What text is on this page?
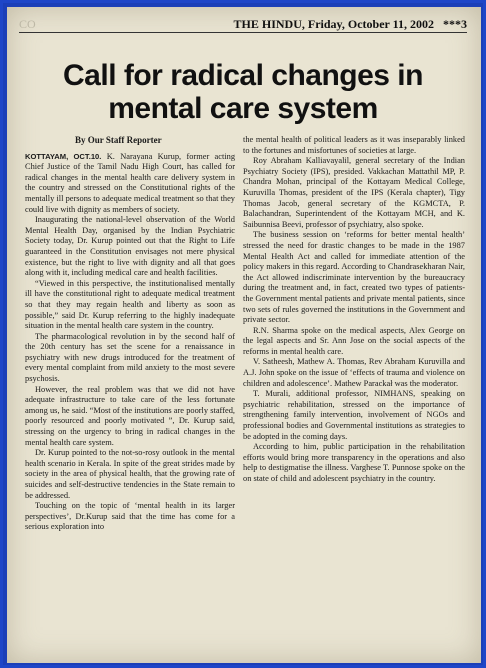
CO	THE HINDU, Friday, October 11, 2002 ***3
Call for radical changes in
mental care system
By Our Staff Reporter

KOTTAYAM, OCT.10. K. Narayana Kurup, former acting Chief Justice of the Tamil Nadu High Court, has called for radical changes in the mental health care delivery system in the country and stressed on the Constitutional rights of the mentally ill persons to adequate medical treatment so that they could live with dignity as members of society.

Inaugurating the national-level observation of the World Mental Health Day, organised by the Indian Psychiatric Society today, Dr. Kurup pointed out that the Right to Life guaranteed in the Constitution envisages not mere physical existence, but the right to live with dignity and all that goes along with it, including medical care and health facilities.

“Viewed in this perspective, the institutionalised mentally ill have the constitutional right to adequate medical treatment so that they may regain health and liberty as soon as possible,” said Dr. Kurup referring to the highly inadequate situation in the mental health care system in the country.

The pharmacological revolution in by the second half of the 20th century has set the scene for a renaissance in psychiatry with new drugs introduced for the treatment of every mental complaint from mild anxiety to the most severe psychosis.

However, the real problem was that we did not have adequate infrastructure to take care of the less fortunate among us, he said. “Most of the institutions are poorly staffed, poorly resourced and poorly motivated ”, Dr. Kurup said, stressing on the urgency to bring in radical changes in the mental health care system.

Dr. Kurup pointed to the not-so-rosy outlook in the mental health scenario in Kerala. In spite of the great strides made by society in the area of physical health, that the growing rate of suicides and self-destructive tendencies in the State remain to be addressed.

Touching on the topic of ‘mental health in its larger perspectives’, Dr.Kurup said that the time has come for a serious exploration into

the mental health of political leaders as it was inseparably linked to the fortunes and misfortunes of societies at large.

Roy Abraham Kalliavayalil, general secretary of the Indian Psychiatry Society (IPS), presided. Vakkachan Mattathil MP, P. Chandra Mohan, principal of the Kottayam Medical College, Kuruvilla Thomas, president of the IPS (Kerala chapter), Tigy Thomas Jacob, general secretary of the KGMCTA, P. Balachandran, Superintendent of the Kottayam MCH, and K. Saibunnisa Beevi, professor of psychiatry, also spoke.

The business session on ‘reforms for better mental health’ stressed the need for drastic changes to be made in the 1987 Mental Health Act and called for immediate attention of the policy makers in this regard. According to Chandrasekharan Nair, the Act allowed indiscriminate intervention by the bureaucracy during the treatment and, in fact, created two types of patients- the Government mental patients and private mental patients, since two sets of rules governed the institutions in the Government and private sector.

R.N. Sharma spoke on the medical aspects, Alex George on the legal aspects and Sr. Ann Jose on the social aspects of the reforms in mental health care.

V. Satheesh, Mathew A. Thomas, Rev Abraham Kuruvilla and A.J. John spoke on the issue of ‘effects of trauma and violence on children and adolescence’. Mathew Parackał was the moderator.

T. Murali, additional professor, NIMHANS, speaking on psychiatric rehabilitation, stressed on the importance of strengthening family intervention, involvement of NGOs and professional bodies and Governmental institutions as strategies to be adopted in the coming days.

According to him, public participation in the rehabilitation efforts would bring more transparency in the operations and also help to destigmatise the illness. Varghese T. Punnose spoke on the on state of child and adolescent psychiatry in the country.
